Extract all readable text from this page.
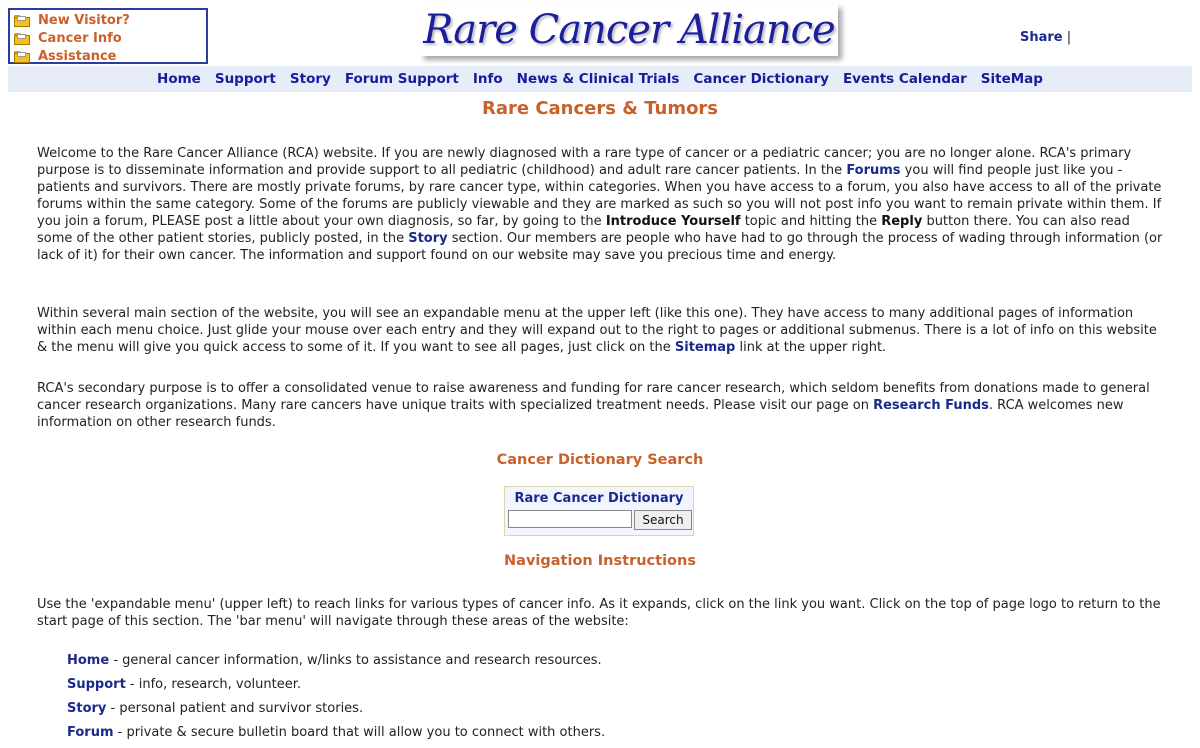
New Visitor?
Cancer Info
Assistance
Rare Cancer Alliance	Share |
Home Support Story Forum Support Info News & Clinical Trials Cancer Dictionary Events Calendar SiteMap
Rare Cancers & Tumors

Welcome to the Rare Cancer Alliance (RCA) website. If you are newly diagnosed with a rare type of cancer or a pediatric cancer; you are no longer alone. RCA's primary purpose is to disseminate information and provide support to all pediatric (childhood) and adult rare cancer patients. In the Forums you will find people just like you - patients and survivors. There are mostly private forums, by rare cancer type, within categories. When you have access to a forum, you also have access to all of the private forums within the same category. Some of the forums are publicly viewable and they are marked as such so you will not post info you want to remain private within them. If you join a forum, PLEASE post a little about your own diagnosis, so far, by going to the Introduce Yourself topic and hitting the Reply button there. You can also read some of the other patient stories, publicly posted, in the Story section. Our members are people who have had to go through the process of wading through information (or lack of it) for their own cancer. The information and support found on our website may save you precious time and energy.

Within several main section of the website, you will see an expandable menu at the upper left (like this one). They have access to many additional pages of information within each menu choice. Just glide your mouse over each entry and they will expand out to the right to pages or additional submenus. There is a lot of info on this website & the menu will give you quick access to some of it. If you want to see all pages, just click on the Sitemap link at the upper right.

RCA's secondary purpose is to offer a consolidated venue to raise awareness and funding for rare cancer research, which seldom benefits from donations made to general cancer research organizations. Many rare cancers have unique traits with specialized treatment needs. Please visit our page on Research Funds. RCA welcomes new information on other research funds.

Cancer Dictionary Search
Rare Cancer Dictionary
Search
Navigation Instructions

Use the 'expandable menu' (upper left) to reach links for various types of cancer info. As it expands, click on the link you want. Click on the top of page logo to return to the start page of this section. The 'bar menu' will navigate through these areas of the website:

Home - general cancer information, w/links to assistance and research resources.
Support - info, research, volunteer.
Story - personal patient and survivor stories.
Forum - private & secure bulletin board that will allow you to connect with others.
